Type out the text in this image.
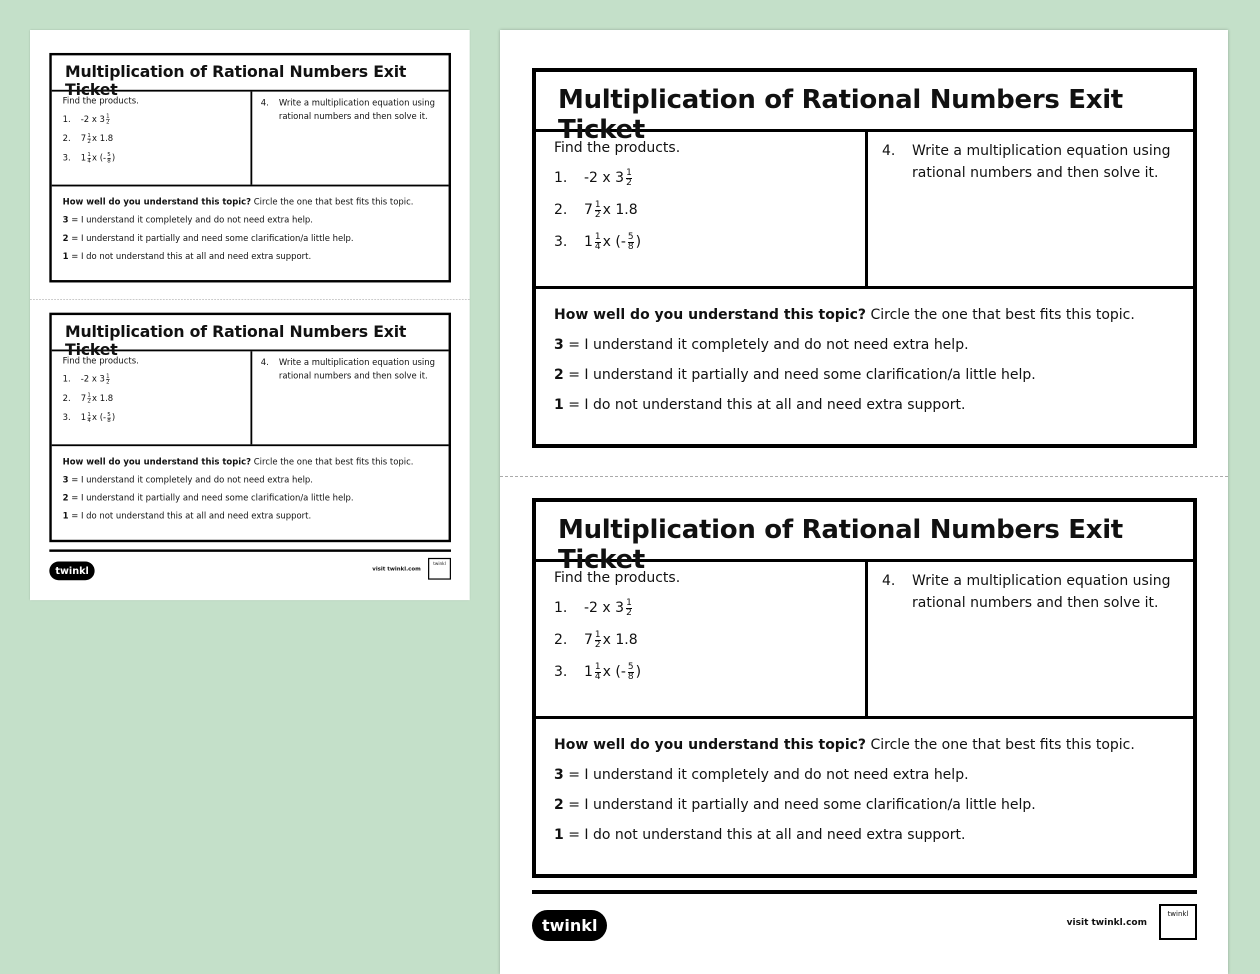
Multiplication of Rational Numbers Exit Ticket
Find the products.
1. -2 x $3 \frac{1}{2}$
2. $7 \frac{1}{2}$ x 1.8
3. $1 \frac{1}{4}$ x (- $\frac{5}{8}$ )
4. Write a multiplication equation using rational numbers and then solve it.

How well do you understand this topic? Circle the one that best fits this topic.

3 = I understand it completely and do not need extra help.

2 = I understand it partially and need some clarification/a little help.

1 = I do not understand this at all and need extra support.

Multiplication of Rational Numbers Exit Ticket
Find the products.
1. -2 x $3 \frac{1}{2}$
2. $7 \frac{1}{2}$ x 1.8
3. $1 \frac{1}{4}$ x (- $\frac{5}{8}$ )
4. Write a multiplication equation using rational numbers and then solve it.

How well do you understand this topic? Circle the one that best fits this topic.

3 = I understand it completely and do not need extra help.

2 = I understand it partially and need some clarification/a little help.

1 = I do not understand this at all and need extra support.

twinkl	visit twinkl.com
twinkl
Multiplication of Rational Numbers Exit Ticket
Find the products.
1.	-2 x $3 \frac{1}{2}$
2.	$7 \frac{1}{2}$ x 1.8
3.	$1 \frac{1}{4}$ x (- $\frac{5}{8}$ )
4.	Write a multiplication equation using rational numbers and then solve it.

How well do you understand this topic? Circle the one that best fits this topic.

3 = I understand it completely and do not need extra help.

2 = I understand it partially and need some clarification/a little help.

1 = I do not understand this at all and need extra support.

Multiplication of Rational Numbers Exit Ticket
Find the products.
1.	-2 x $3 \frac{1}{2}$
2.	$7 \frac{1}{2}$ x 1.8
3.	$1 \frac{1}{4}$ x (- $\frac{5}{8}$ )
4.	Write a multiplication equation using rational numbers and then solve it.

How well do you understand this topic? Circle the one that best fits this topic.

3 = I understand it completely and do not need extra help.

2 = I understand it partially and need some clarification/a little help.

1 = I do not understand this at all and need extra support.

twinkl	visit twinkl.com
twinkl
